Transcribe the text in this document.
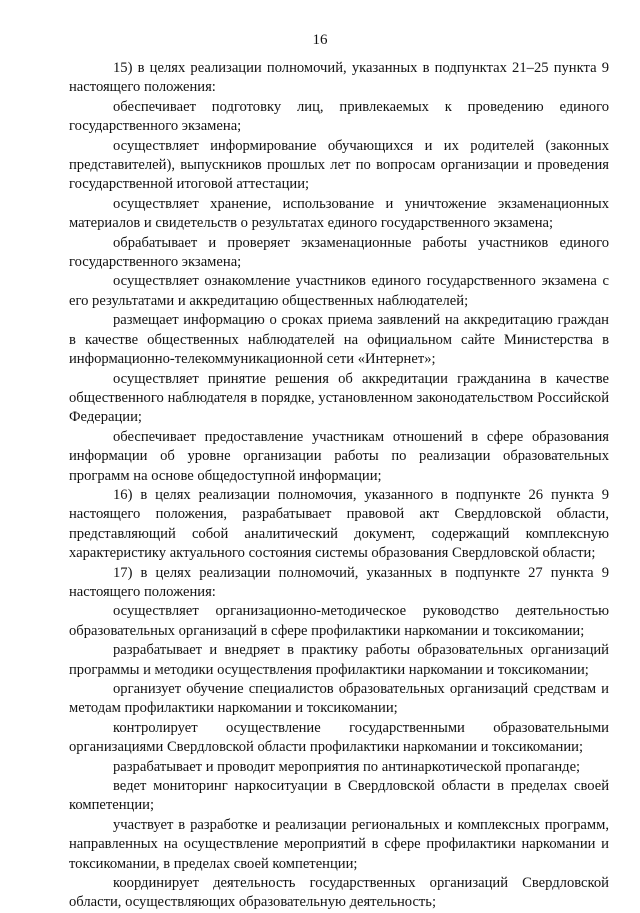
16

15) в целях реализации полномочий, указанных в подпунктах 21–25 пункта 9 настоящего положения:

обеспечивает подготовку лиц, привлекаемых к проведению единого государственного экзамена;

осуществляет информирование обучающихся и их родителей (законных представителей), выпускников прошлых лет по вопросам организации и проведения государственной итоговой аттестации;

осуществляет хранение, использование и уничтожение экзаменационных материалов и свидетельств о результатах единого государственного экзамена;

обрабатывает и проверяет экзаменационные работы участников единого государственного экзамена;

осуществляет ознакомление участников единого государственного экзамена с его результатами и аккредитацию общественных наблюдателей;

размещает информацию о сроках приема заявлений на аккредитацию граждан в качестве общественных наблюдателей на официальном сайте Министерства в информационно-телекоммуникационной сети «Интернет»;

осуществляет принятие решения об аккредитации гражданина в качестве общественного наблюдателя в порядке, установленном законодательством Российской Федерации;

обеспечивает предоставление участникам отношений в сфере образования информации об уровне организации работы по реализации образовательных программ на основе общедоступной информации;

16) в целях реализации полномочия, указанного в подпункте 26 пункта 9 настоящего положения, разрабатывает правовой акт Свердловской области, представляющий собой аналитический документ, содержащий комплексную характеристику актуального состояния системы образования Свердловской области;

17) в целях реализации полномочий, указанных в подпункте 27 пункта 9 настоящего положения:

осуществляет организационно-методическое руководство деятельностью образовательных организаций в сфере профилактики наркомании и токсикомании;

разрабатывает и внедряет в практику работы образовательных организаций программы и методики осуществления профилактики наркомании и токсикомании;

организует обучение специалистов образовательных организаций средствам и методам профилактики наркомании и токсикомании;

контролирует осуществление государственными образовательными организациями Свердловской области профилактики наркомании и токсикомании;

разрабатывает и проводит мероприятия по антинаркотической пропаганде;

ведет мониторинг наркоситуации в Свердловской области в пределах своей компетенции;

участвует в разработке и реализации региональных и комплексных программ, направленных на осуществление мероприятий в сфере профилактики наркомании и токсикомании, в пределах своей компетенции;

координирует деятельность государственных организаций Свердловской области, осуществляющих образовательную деятельность;
